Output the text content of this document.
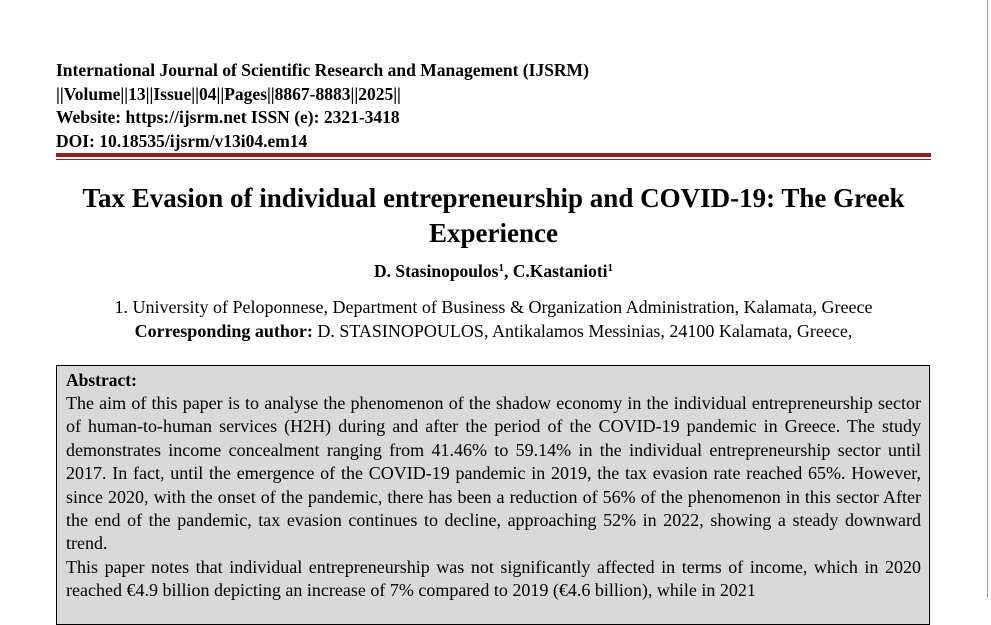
International Journal of Scientific Research and Management (IJSRM)
||Volume||13||Issue||04||Pages||8867-8883||2025||
Website: https://ijsrm.net ISSN (e): 2321-3418
DOI: 10.18535/ijsrm/v13i04.em14
Tax Evasion of individual entrepreneurship and COVID-19: The Greek Experience
D. Stasinopoulos$^1$, C.Kastanioti$^1$
1. University of Peloponnese, Department of Business & Organization Administration, Kalamata, Greece
Corresponding author: D. STASINOPOULOS, Antikalamos Messinias, 24100 Kalamata, Greece,
Abstract:

The aim of this paper is to analyse the phenomenon of the shadow economy in the individual entrepreneurship sector of human-to-human services (H2H) during and after the period of the COVID-19 pandemic in Greece. The study demonstrates income concealment ranging from 41.46% to 59.14% in the individual entrepreneurship sector until 2017. In fact, until the emergence of the COVID-19 pandemic in 2019, the tax evasion rate reached 65%. However, since 2020, with the onset of the pandemic, there has been a reduction of 56% of the phenomenon in this sector After the end of the pandemic, tax evasion continues to decline, approaching 52% in 2022, showing a steady downward trend.

This paper notes that individual entrepreneurship was not significantly affected in terms of income, which in 2020 reached €4.9 billion depicting an increase of 7% compared to 2019 (€4.6 billion), while in 2021
